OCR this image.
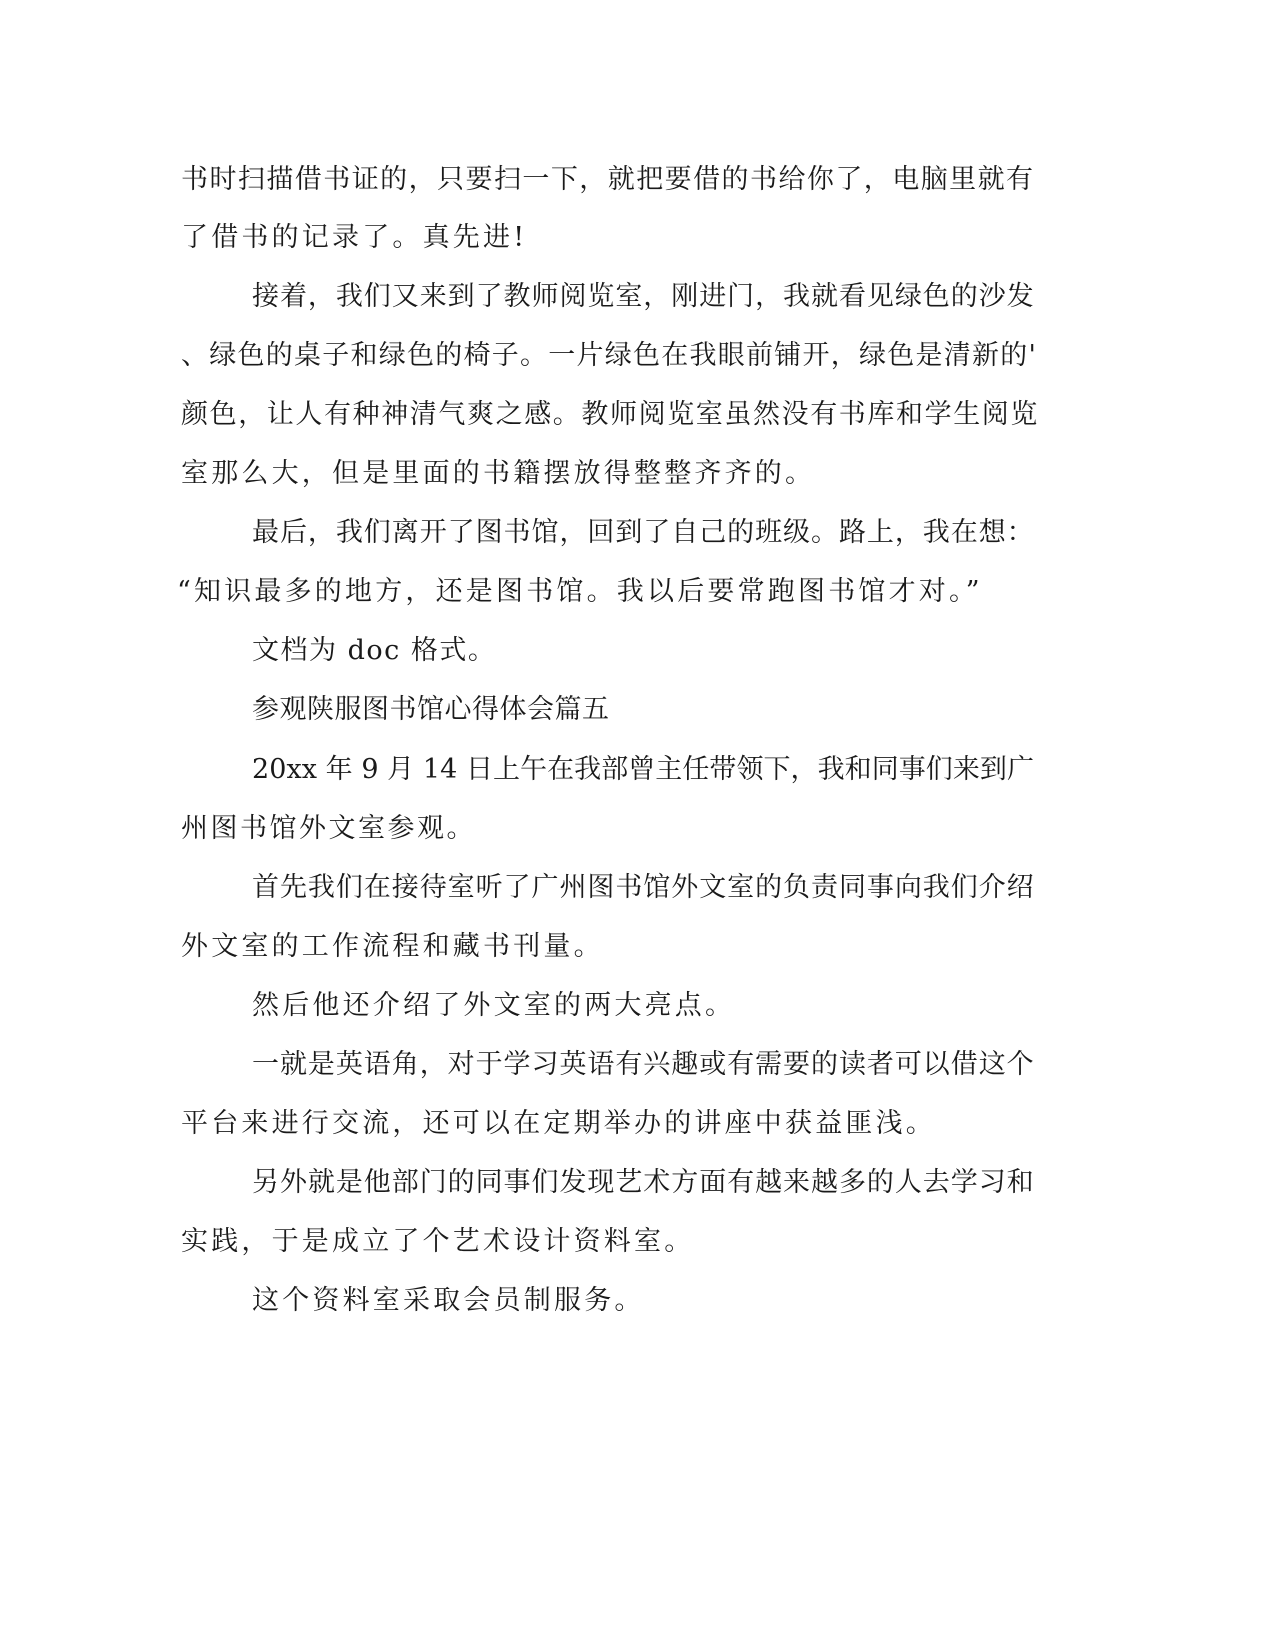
书时扫描借书证的，只要扫一下，就把要借的书给你了，电脑里就有
了借书的记录了。真先进!
接着，我们又来到了教师阅览室，刚进门，我就看见绿色的沙发
、绿色的桌子和绿色的椅子。一片绿色在我眼前铺开，绿色是清新的'
颜色，让人有种神清气爽之感。教师阅览室虽然没有书库和学生阅览
室那么大，但是里面的书籍摆放得整整齐齐的。
最后，我们离开了图书馆，回到了自己的班级。路上，我在想：
“知识最多的地方，还是图书馆。我以后要常跑图书馆才对。”
文档为 doc 格式。
参观陕服图书馆心得体会篇五
20xx 年 9 月 14 日上午在我部曾主任带领下，我和同事们来到广
州图书馆外文室参观。
首先我们在接待室听了广州图书馆外文室的负责同事向我们介绍
外文室的工作流程和藏书刊量。
然后他还介绍了外文室的两大亮点。
一就是英语角，对于学习英语有兴趣或有需要的读者可以借这个
平台来进行交流，还可以在定期举办的讲座中获益匪浅。
另外就是他部门的同事们发现艺术方面有越来越多的人去学习和
实践，于是成立了个艺术设计资料室。
这个资料室采取会员制服务。
